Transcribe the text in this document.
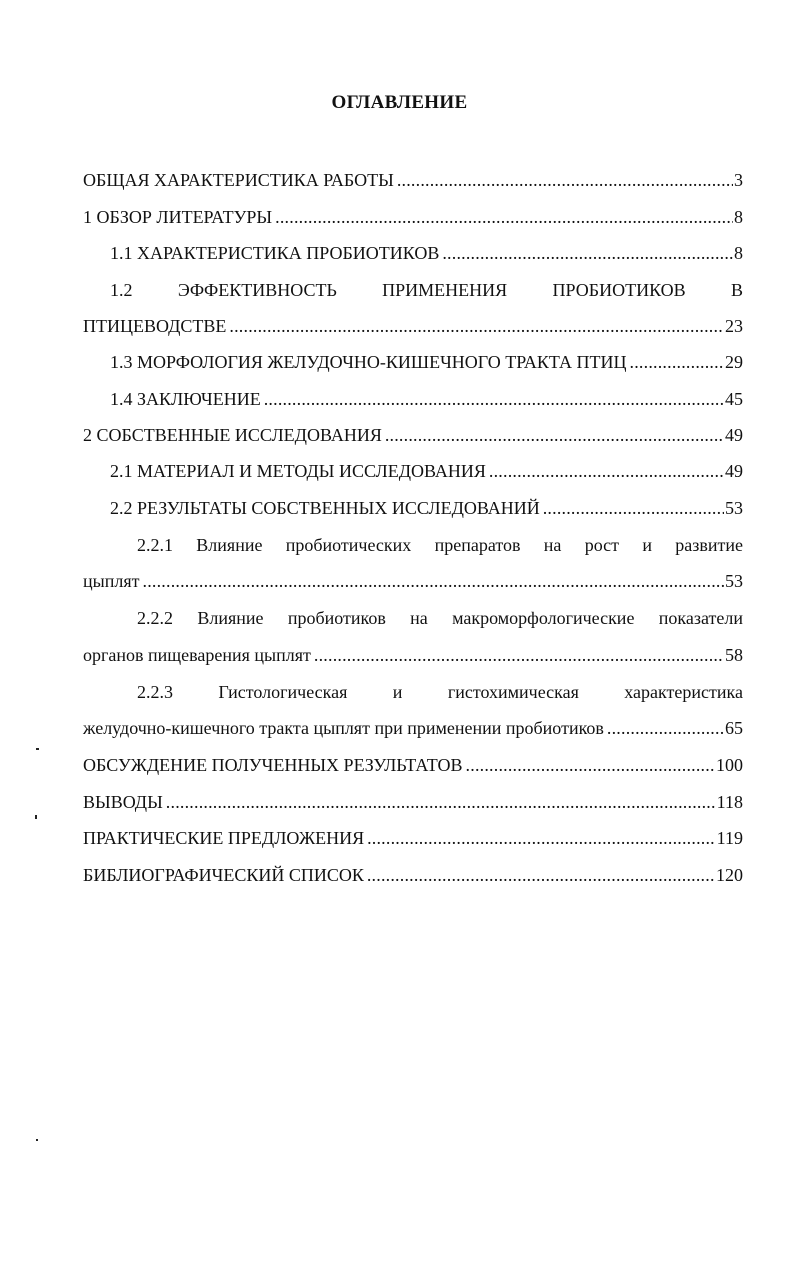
ОГЛАВЛЕНИЕ
ОБЩАЯ ХАРАКТЕРИСТИКА РАБОТЫ .....	3
1 ОБЗОР ЛИТЕРАТУРЫ .....	8
1.1 ХАРАКТЕРИСТИКА ПРОБИОТИКОВ .....	8
1.2	ЭФФЕКТИВНОСТЬ	ПРИМЕНЕНИЯ	ПРОБИОТИКОВ	В
ПТИЦЕВОДСТВЕ .....	23
1.3 МОРФОЛОГИЯ ЖЕЛУДОЧНО-КИШЕЧНОГО ТРАКТА ПТИЦ .....	29
1.4 ЗАКЛЮЧЕНИЕ .....	45
2 СОБСТВЕННЫЕ ИССЛЕДОВАНИЯ .....	49
2.1 МАТЕРИАЛ И МЕТОДЫ ИССЛЕДОВАНИЯ .....	49
2.2 РЕЗУЛЬТАТЫ СОБСТВЕННЫХ ИССЛЕДОВАНИЙ .....	53
2.2.1 Влияние пробиотических препаратов на рост и развитие
цыплят .....	53
2.2.2 Влияние пробиотиков на макроморфологические показатели
органов пищеварения цыплят .....	58
2.2.3	Гистологическая	и	гистохимическая	характеристика
желудочно-кишечного тракта цыплят при применении пробиотиков .....	65
ОБСУЖДЕНИЕ ПОЛУЧЕННЫХ РЕЗУЛЬТАТОВ .....	100
ВЫВОДЫ .....	118
ПРАКТИЧЕСКИЕ ПРЕДЛОЖЕНИЯ .....	119
БИБЛИОГРАФИЧЕСКИЙ СПИСОК .....	120
